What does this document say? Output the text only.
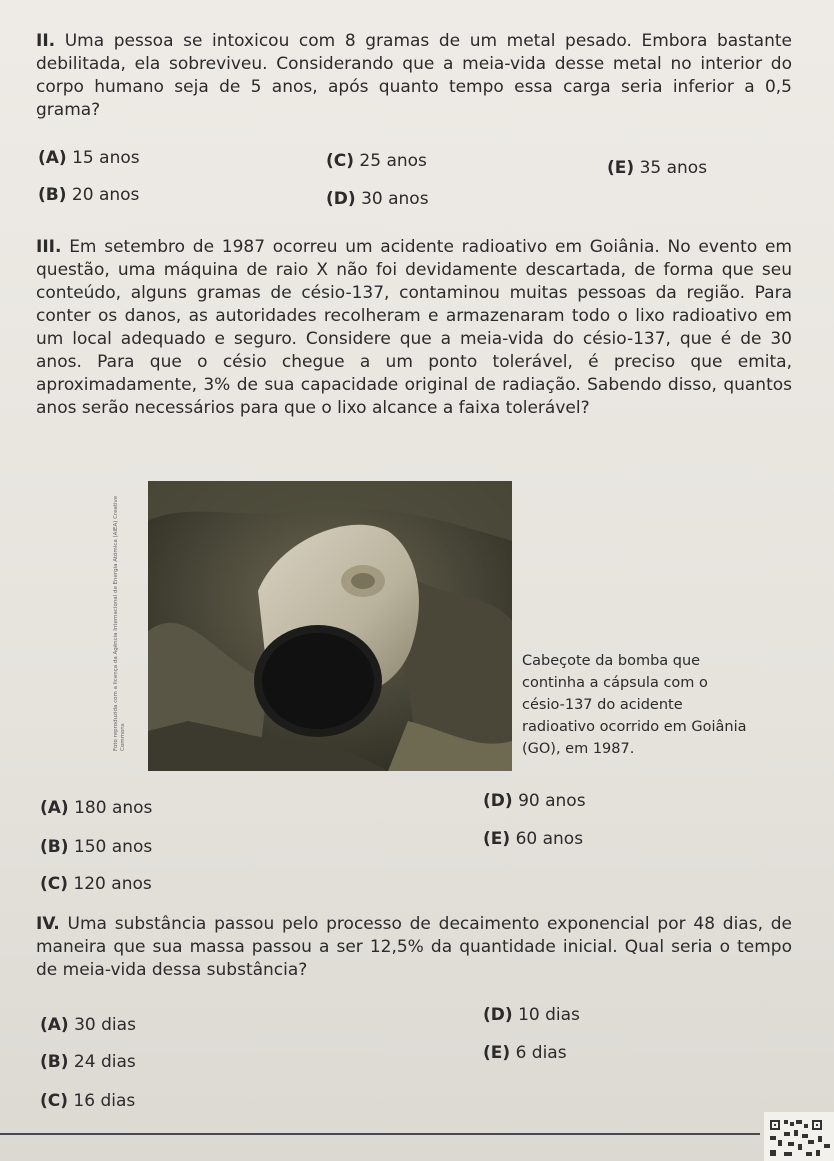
II. Uma pessoa se intoxicou com 8 gramas de um metal pesado. Embora bastante debilitada, ela sobreviveu. Considerando que a meia-vida desse metal no interior do corpo humano seja de 5 anos, após quanto tempo essa carga seria inferior a 0,5 grama?
(A) 15 anos
(B) 20 anos
(C) 25 anos
(D) 30 anos
(E) 35 anos
III. Em setembro de 1987 ocorreu um acidente radioativo em Goiânia. No evento em questão, uma máquina de raio X não foi devidamente descartada, de forma que seu conteúdo, alguns gramas de césio-137, contaminou muitas pessoas da região. Para conter os danos, as autoridades recolheram e armazenaram todo o lixo radioativo em um local adequado e seguro. Considere que a meia-vida do césio-137, que é de 30 anos. Para que o césio chegue a um ponto tolerável, é preciso que emita, aproximadamente, 3% de sua capacidade original de radiação. Sabendo disso, quantos anos serão necessários para que o lixo alcance a faixa tolerável?
Foto reproduzida com a licença da Agência Internacional de Energia Atômica (AIEA) Creative Commons
Cabeçote da bomba que continha a cápsula com o césio-137 do acidente radioativo ocorrido em Goiânia (GO), em 1987.
(A) 180 anos
(B) 150 anos
(C) 120 anos
(D) 90 anos
(E) 60 anos
IV. Uma substância passou pelo processo de decaimento exponencial por 48 dias, de maneira que sua massa passou a ser 12,5% da quantidade inicial. Qual seria o tempo de meia-vida dessa substância?
(A) 30 dias
(B) 24 dias
(C) 16 dias
(D) 10 dias
(E) 6 dias
